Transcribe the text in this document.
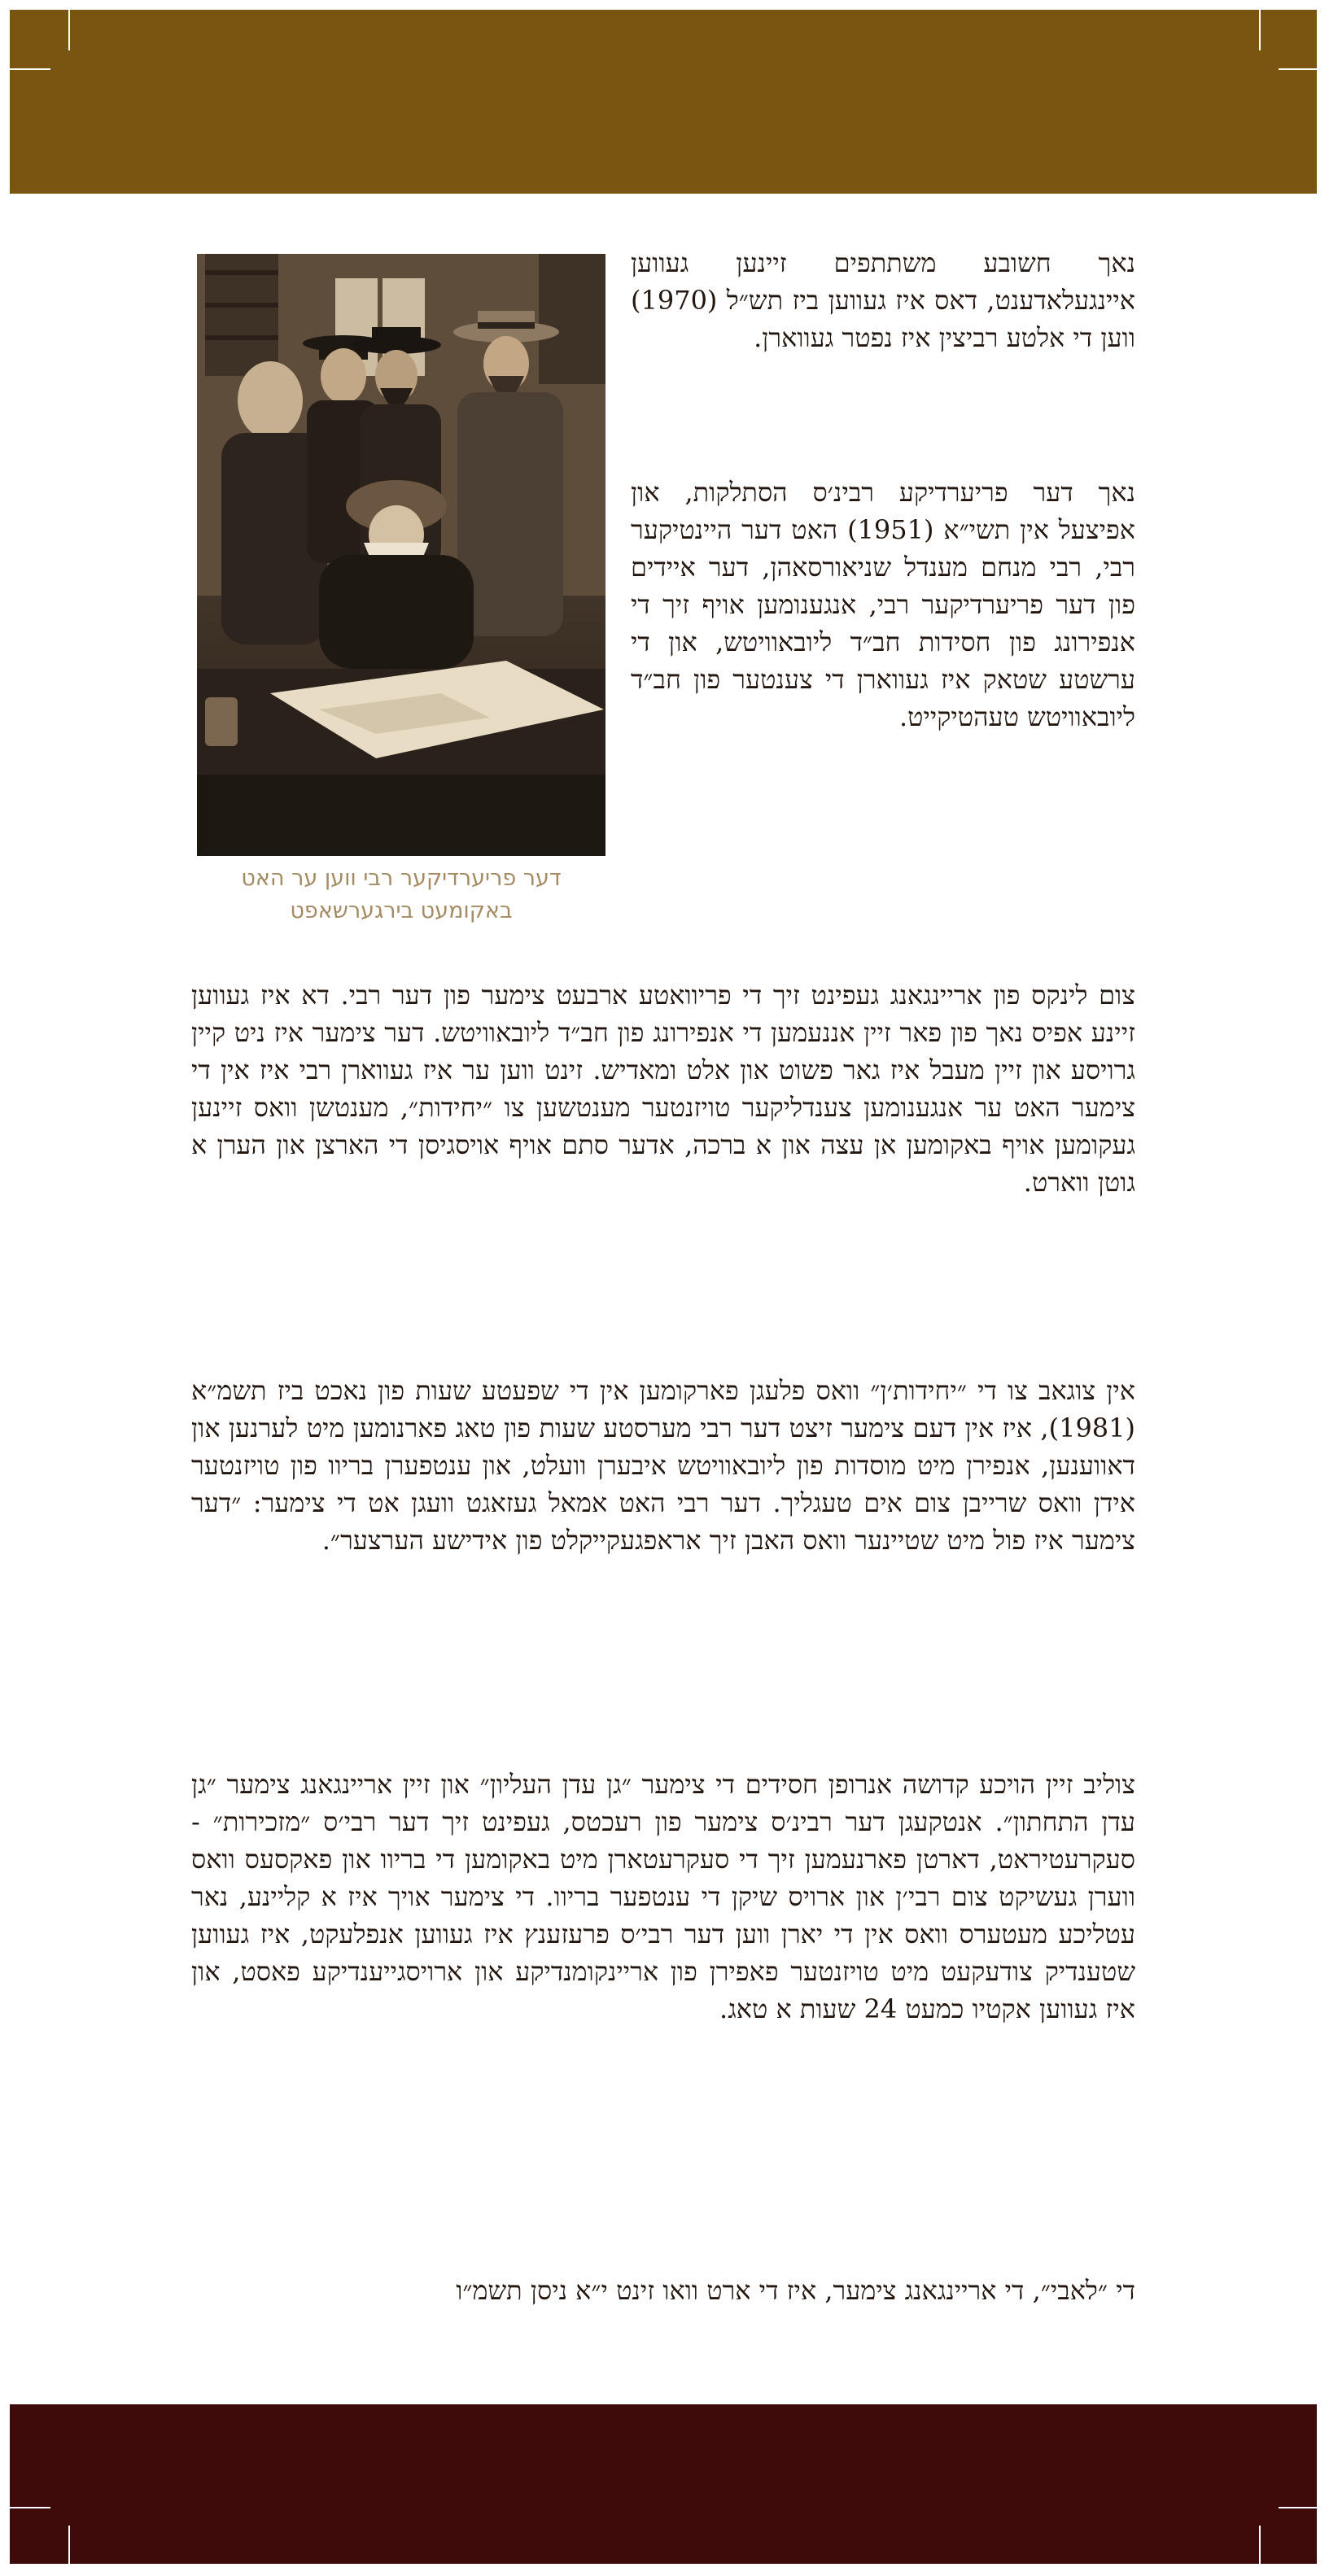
דער פריערדיקער רבי ווען ער האט
באקומעט בירגערשאפט

נאך חשובע משתתפים זיינען געווען איינגעלאדענט, דאס איז געווען ביז תש״ל (1970) ווען די אלטע רביצין איז נפטר געווארן.

נאך דער פריערדיקע רבינ׳ס הסתלקות, און אפיצעל אין תשי״א (1951) האט דער היינטיקער רבי, רבי מנחם מענדל שניאורסאהן, דער איידים פון דער פריערדיקער רבי, אנגענומען אויף זיך די אנפירונג פון חסידות חב״ד ליובאוויטש, און די ערשטע שטאק איז געווארן די צענטער פון חב״ד ליובאוויטש טעהטיקייט.

צום לינקס פון אריינגאנג געפינט זיך די פריוואטע ארבעט צימער פון דער רבי. דא איז געווען זיינע אפיס נאך פון פאר זיין אננעמען די אנפירונג פון חב״ד ליובאוויטש. דער צימער איז ניט קיין גרויסע און זיין מעבל איז גאר פשוט און אלט ומאדיש. זינט ווען ער איז געווארן רבי איז אין די צימער האט ער אנגענומען צענדליקער טויזנטער מענטשען צו ״יחידות״, מענטשן וואס זיינען געקומען אויף באקומען אן עצה און א ברכה, אדער סתם אויף אויסגיסן די הארצן און הערן א גוטן ווארט.

אין צוגאב צו די ״יחידות׳ן״ וואס פלעגן פארקומען אין די שפעטע שעות פון נאכט ביז תשמ״א (1981), איז אין דעם צימער זיצט דער רבי מערסטע שעות פון טאג פארנומען מיט לערנען און דאווענען, אנפירן מיט מוסדות פון ליובאוויטש איבערן וועלט, און ענטפערן בריוו פון טויזנטער אידן וואס שרייבן צום אים טעגליך. דער רבי האט אמאל געזאגט וועגן אט די צימער: ״דער צימער איז פול מיט שטיינער וואס האבן זיך אראפגעקייקלט פון אידישע הערצער״.

צוליב זיין הויכע קדושה אנרופן חסידים די צימער ״גן עדן העליון״ און זיין אריינגאנג צימער ״גן עדן התחתון״. אנטקעגן דער רבינ׳ס צימער פון רעכטס, געפינט זיך דער רבי׳ס ״מזכירות״ - סעקרעטיראט, דארטן פארנעמען זיך די סעקרעטארן מיט באקומען די בריוו און פאקסעס וואס ווערן געשיקט צום רבי׳ן און ארויס שיקן די ענטפער בריוו. די צימער אויך איז א קליינע, נאר עטליכע מעטערס וואס אין די יארן ווען דער רבי׳ס פרעזענץ איז געווען אנפלעקט, איז געווען שטענדיק צודעקעט מיט טויזנטער פאפירן פון אריינקומנדיקע און ארויסגייענדיקע פאסט, און איז געווען אקטיו כמעט 24 שעות א טאג.

די ״לאבי״, די אריינגאנג צימער, איז די ארט וואו זינט י״א ניסן תשמ״ו
